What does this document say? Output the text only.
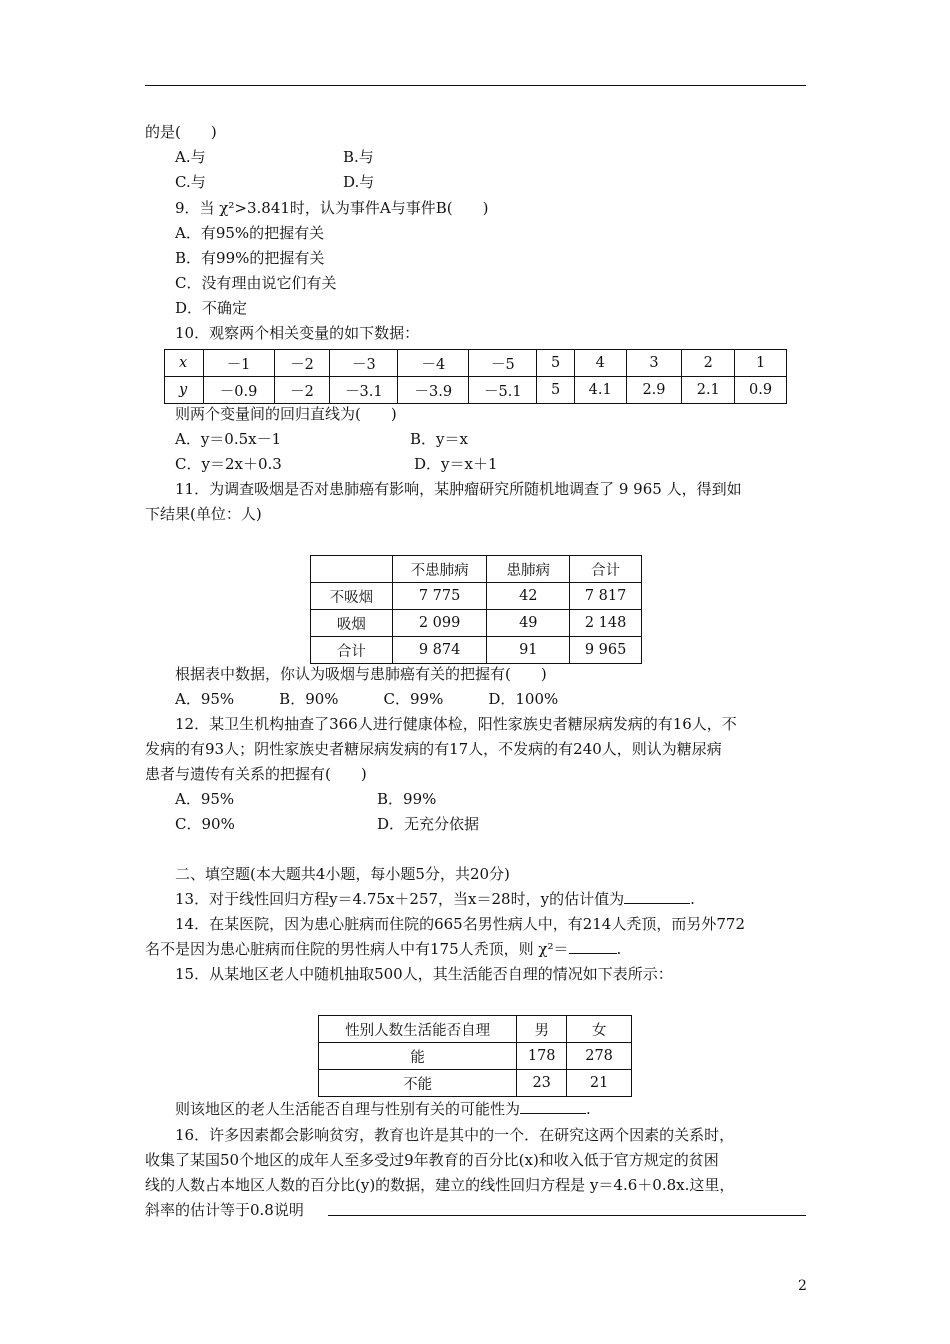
的是(　　)
A.与	B.与
C.与	D.与
9．当 χ²>3.841时，认为事件A与事件B(　　)
A．有95%的把握有关
B．有99%的把握有关
C．没有理由说它们有关
D．不确定
10．观察两个相关变量的如下数据：
x	－1	－2	－3	－4	－5	5	4	3	2	1
y	－0.9	－2	－3.1	－3.9	－5.1	5	4.1	2.9	2.1	0.9
则两个变量间的回归直线为(　　)
A．y＝0.5x－1	B．y＝x
C．y＝2x＋0.3	D．y＝x＋1
11．为调查吸烟是否对患肺癌有影响，某肿瘤研究所随机地调查了 9 965 人，得到如
下结果(单位：人)
	不患肺病	患肺病	合计
不吸烟	7 775	42	7 817
吸烟	2 099	49	2 148
合计	9 874	91	9 965
根据表中数据，你认为吸烟与患肺癌有关的把握有(　　)
A．95%　　　B．90%　　　C．99%　　　D．100%
12．某卫生机构抽查了366人进行健康体检，阳性家族史者糖尿病发病的有16人，不
发病的有93人；阴性家族史者糖尿病发病的有17人，不发病的有240人，则认为糖尿病
患者与遗传有关系的把握有(　　)
A．95%	B．99%
C．90%	D．无充分依据
二、填空题(本大题共4小题，每小题5分，共20分)
13．对于线性回归方程y＝4.75x＋257，当x＝28时，y的估计值为	.
14．在某医院，因为患心脏病而住院的665名男性病人中，有214人秃顶，而另外772
名不是因为患心脏病而住院的男性病人中有175人秃顶，则 χ²＝	.
15．从某地区老人中随机抽取500人，其生活能否自理的情况如下表所示：
性别人数生活能否自理	男	女
能	178	278
不能	23	21
则该地区的老人生活能否自理与性别有关的可能性为	.
16．许多因素都会影响贫穷，教育也许是其中的一个．在研究这两个因素的关系时，
收集了某国50个地区的成年人至多受过9年教育的百分比(x)和收入低于官方规定的贫困
线的人数占本地区人数的百分比(y)的数据，建立的线性回归方程是 y＝4.6＋0.8x.这里，
斜率的估计等于0.8说明
2
